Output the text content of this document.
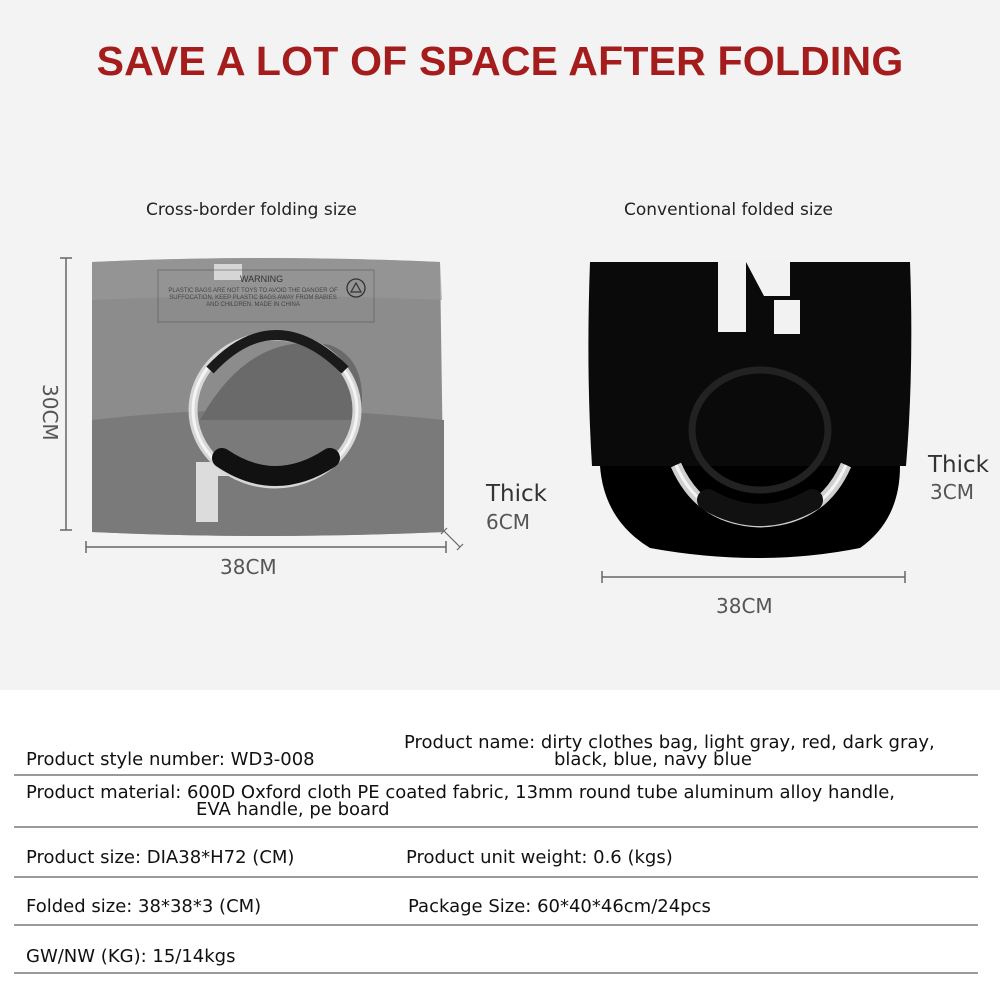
SAVE A LOT OF SPACE AFTER FOLDING
Cross-border folding size	Conventional folded size
30CM
38CM
Thick
6CM
38CM
Thick
3CM
Product style number: WD3-008
Product name: dirty clothes bag, light gray, red, dark gray,
black, blue, navy blue
Product material: 600D Oxford cloth PE coated fabric, 13mm round tube aluminum alloy handle,
EVA handle, pe board
Product size: DIA38*H72 (CM)	Product unit weight: 0.6 (kgs)
Folded size: 38*38*3 (CM)	Package Size: 60*40*46cm/24pcs
GW/NW (KG): 15/14kgs
WARNING
PLASTIC BAGS ARE NOT TOYS TO AVOID THE DANGER OF SUFFOCATION, KEEP PLASTIC BAGS AWAY FROM BABIES AND CHILDREN. MADE IN CHINA
